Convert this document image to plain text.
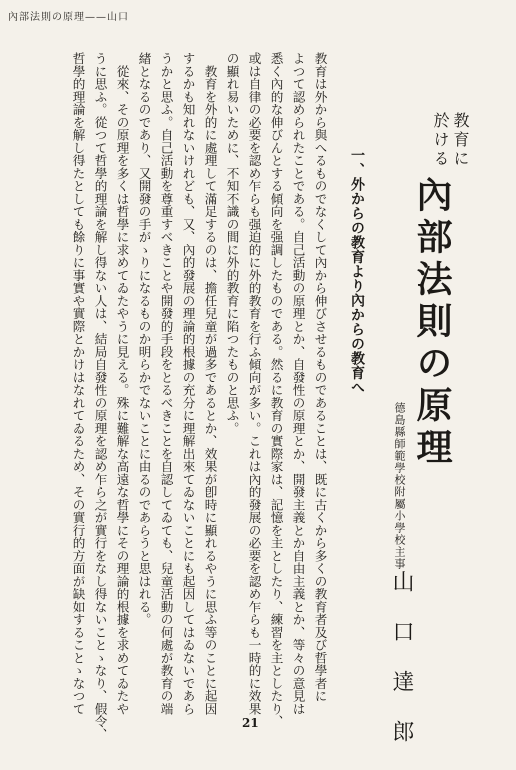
內部法則の原理——山口
教育に
於ける
內部法則の原理
一、外からの教育より內からの教育へ
德島縣師範學校附屬小學校主事
山口達郎
教育は外から與へるものでなくして內から伸びさせるものであることは、既に古くから多くの教育者及び哲學者に
よつて認められたことである。自己活動の原理とか、自發性の原理とか、開發主義とか自由主義とか、等々の意見は
悉く內的な伸びんとする傾向を强調したものである。然るに教育の實際家は、記憶を主としたり、練習を主としたり、
或は自律の必要を認め乍らも强迫的に外的教育を行ふ傾向が多い。これは內的發展の必要を認め乍らも一時的に效果
の顯れ易いために、不知不識の間に外的教育に陷つたものと思ふ。
　教育を外的に處理して滿足するのは、擔任兒童が過多であるとか、效果が卽時に顯れるやうに思ふ等のことに起因
するかも知れないけれども、又、內的發展の理論的根據の充分に理解出來てゐないことにも起因してはゐないであら
うかと思ふ。自己活動を尊重すべきことや開發的手段をとるべきことを自認してゐても、兒童活動の何處が教育の端
緖となるのであり、又開發の手がゝりになるものか明らかでないことに由るのであらうと思はれる。
　從來、その原理を多くは哲學に求めてゐたやうに見える。殊に難解な高遠な哲學にその理論的根據を求めてゐたや
うに思ふ。從つて哲學的理論を解し得ない人は、結局自發性の原理を認め乍ら之が實行をなし得ないことゝなり、假令、
哲學的理論を解し得たとしても餘りに事實や實際とかけはなれてゐるため、その實行的方面が缺如することゝなつて
21
